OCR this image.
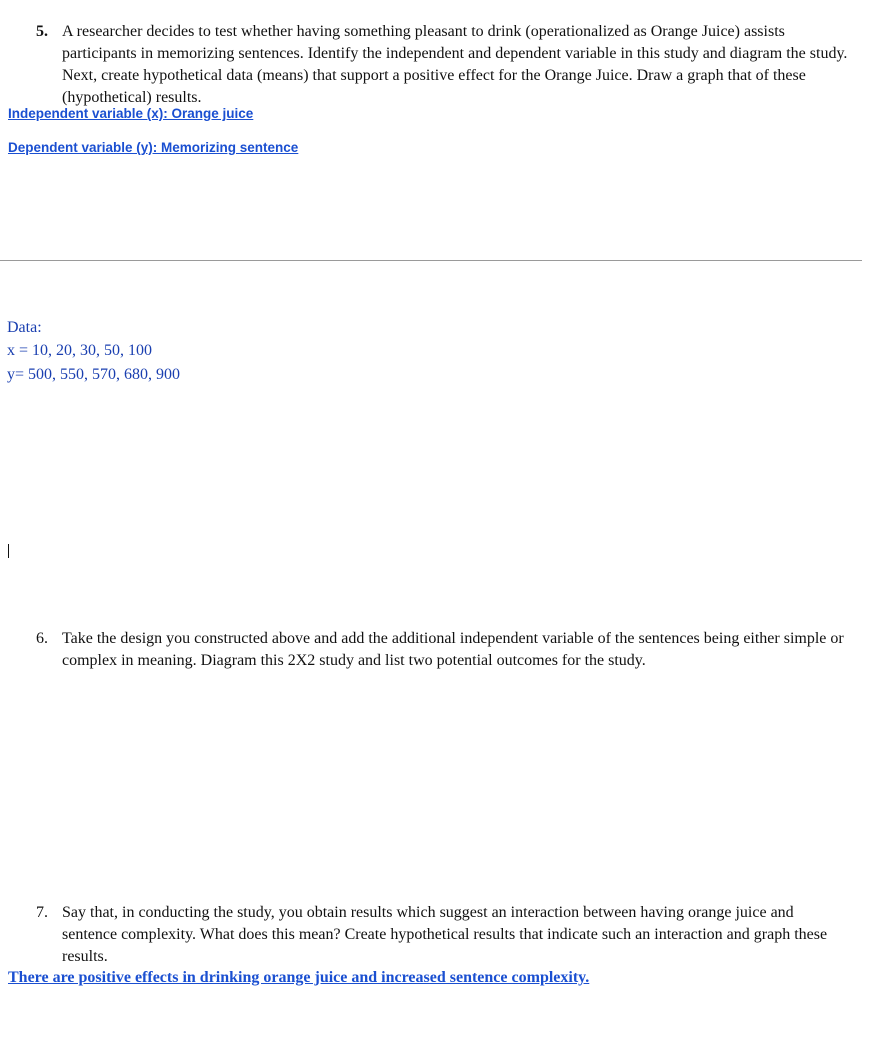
5. A researcher decides to test whether having something pleasant to drink (operationalized as Orange Juice) assists participants in memorizing sentences. Identify the independent and dependent variable in this study and diagram the study. Next, create hypothetical data (means) that support a positive effect for the Orange Juice. Draw a graph that of these (hypothetical) results.
Independent variable (x): Orange juice
Dependent variable (y): Memorizing sentence
Data:
x = 10, 20, 30, 50, 100
y= 500, 550, 570, 680, 900
6. Take the design you constructed above and add the additional independent variable of the sentences being either simple or complex in meaning. Diagram this 2X2 study and list two potential outcomes for the study.
7. Say that, in conducting the study, you obtain results which suggest an interaction between having orange juice and sentence complexity. What does this mean? Create hypothetical results that indicate such an interaction and graph these results.
There are positive effects in drinking orange juice and increased sentence complexity.
